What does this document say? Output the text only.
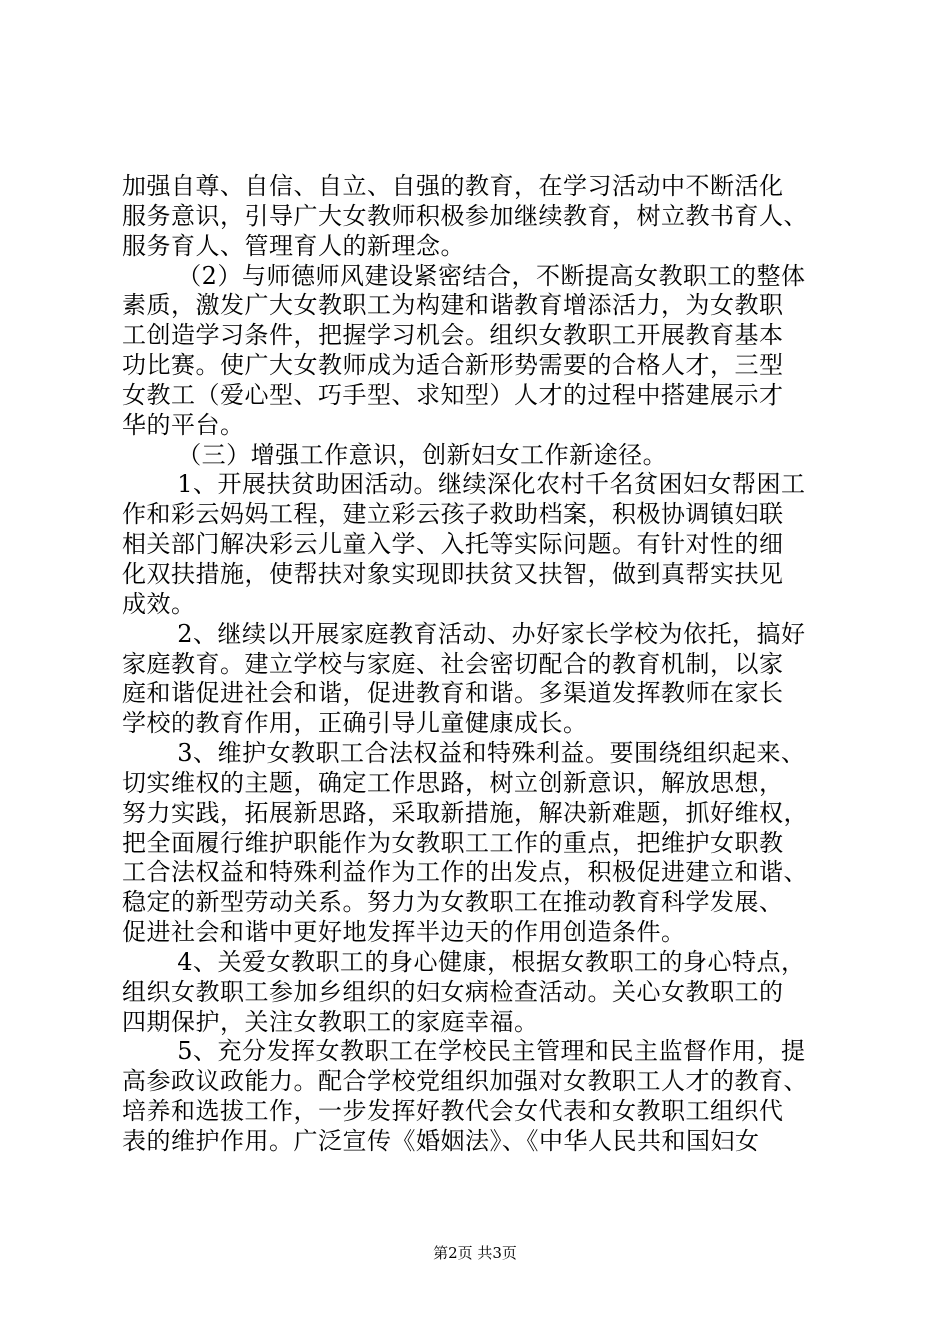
加强自尊、自信、自立、自强的教育，在学习活动中不断活化
服务意识，引导广大女教师积极参加继续教育，树立教书育人、
服务育人、管理育人的新理念。
（2）与师德师风建设紧密结合，不断提高女教职工的整体
素质，激发广大女教职工为构建和谐教育增添活力，为女教职
工创造学习条件，把握学习机会。组织女教职工开展教育基本
功比赛。使广大女教师成为适合新形势需要的合格人才，三型
女教工（爱心型、巧手型、求知型）人才的过程中搭建展示才
华的平台。
（三）增强工作意识，创新妇女工作新途径。
1、开展扶贫助困活动。继续深化农村千名贫困妇女帮困工
作和彩云妈妈工程，建立彩云孩子救助档案，积极协调镇妇联
相关部门解决彩云儿童入学、入托等实际问题。有针对性的细
化双扶措施，使帮扶对象实现即扶贫又扶智，做到真帮实扶见
成效。
2、继续以开展家庭教育活动、办好家长学校为依托，搞好
家庭教育。建立学校与家庭、社会密切配合的教育机制，以家
庭和谐促进社会和谐，促进教育和谐。多渠道发挥教师在家长
学校的教育作用，正确引导儿童健康成长。
3、维护女教职工合法权益和特殊利益。要围绕组织起来、
切实维权的主题，确定工作思路，树立创新意识，解放思想，
努力实践，拓展新思路，采取新措施，解决新难题，抓好维权，
把全面履行维护职能作为女教职工工作的重点，把维护女职教
工合法权益和特殊利益作为工作的出发点，积极促进建立和谐、
稳定的新型劳动关系。努力为女教职工在推动教育科学发展、
促进社会和谐中更好地发挥半边天的作用创造条件。
4、关爱女教职工的身心健康，根据女教职工的身心特点，
组织女教职工参加乡组织的妇女病检查活动。关心女教职工的
四期保护，关注女教职工的家庭幸福。
5、充分发挥女教职工在学校民主管理和民主监督作用，提
高参政议政能力。配合学校党组织加强对女教职工人才的教育、
培养和选拔工作，一步发挥好教代会女代表和女教职工组织代
表的维护作用。广泛宣传《婚姻法》、《中华人民共和国妇女
第2页 共3页
